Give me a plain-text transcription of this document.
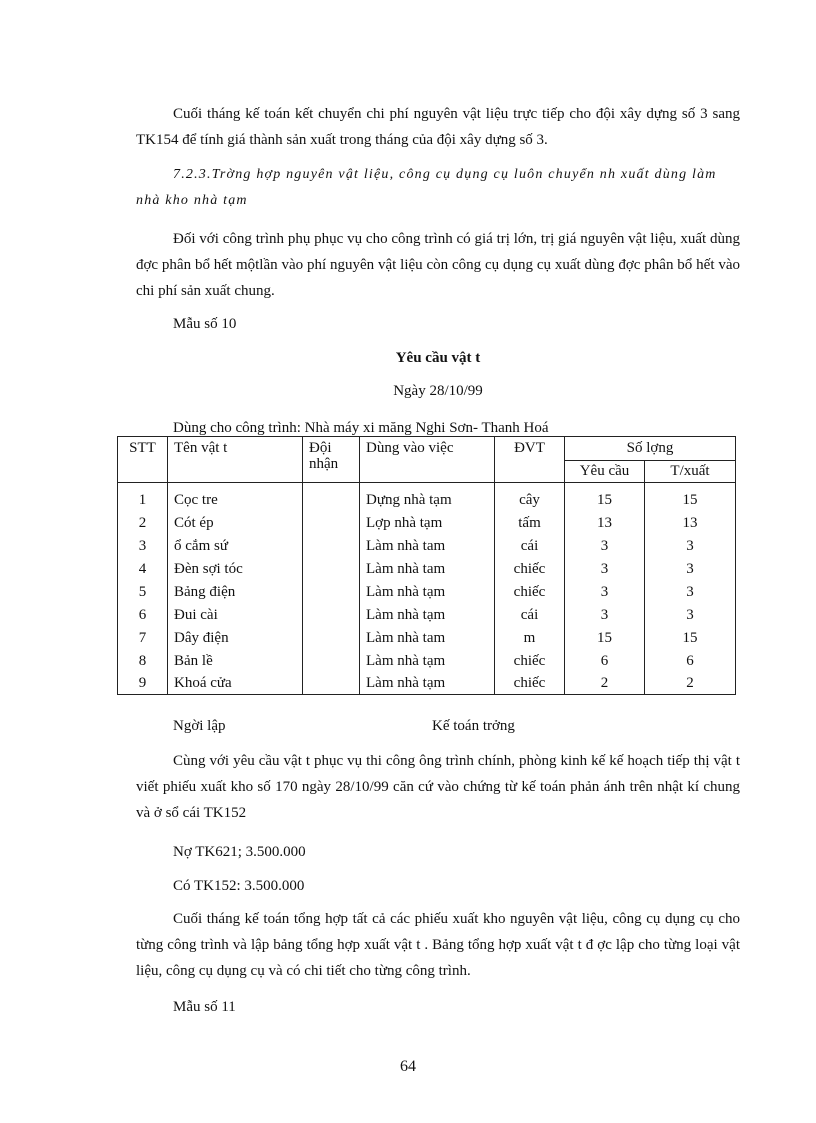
Cuối tháng kế toán kết chuyển chi phí nguyên vật liệu trực tiếp cho đội xây dựng số 3 sang TK154 để tính giá thành sản xuất trong tháng của đội xây dựng số 3.

7.2.3.Trờng hợp nguyên vật liệu, công cụ dụng cụ luôn chuyển nh xuất dùng làm nhà kho nhà tạm

Đối với công trình phụ phục vụ cho công trình có giá trị lớn, trị giá nguyên vật liệu, xuất dùng đợc phân bổ hết mộtlần vào phí nguyên vật liệu còn công cụ dụng cụ xuất dùng đợc phân bổ hết vào chi phí sản xuất chung.

Mẫu số 10

Yêu cầu vật t

Ngày 28/10/99

Dùng cho công trình: Nhà máy xi măng Nghi Sơn- Thanh Hoá

STT	Tên vật t	Đội nhận	Dùng vào việc	ĐVT	Số lợng	
					Yêu cầu	T/xuất
1	Cọc tre		Dựng nhà tạm	cây	15	15
2	Cót ép		Lợp nhà tạm	tấm	13	13
3	ổ cắm sứ		Làm nhà tam	cái	3	3
4	Đèn sợi tóc		Làm nhà tam	chiếc	3	3
5	Bảng điện		Làm nhà tạm	chiếc	3	3
6	Đui cài		Làm nhà tạm	cái	3	3
7	Dây điện		Làm nhà tam	m	15	15
8	Bản lề		Làm nhà tạm	chiếc	6	6
9	Khoá cửa		Làm nhà tạm	chiếc	2	2

Ngời lập	Kế toán trởng

Cùng với yêu cầu vật t phục vụ thi công ông trình chính, phòng kinh kế kế hoạch tiếp thị vật t viết phiếu xuất kho số 170 ngày 28/10/99 căn cứ vào chứng từ kế toán phản ánh trên nhật kí chung và ở sổ cái TK152

Nợ TK621; 3.500.000

Có TK152: 3.500.000

Cuối tháng kế toán tổng hợp tất cả các phiếu xuất kho nguyên vật liệu, công cụ dụng cụ cho từng công trình và lập bảng tổng hợp xuất vật t . Bảng tổng hợp xuất vật t đ ợc lập cho từng loại vật liệu, công cụ dụng cụ và có chi tiết cho từng công trình.

Mẫu số 11

64
